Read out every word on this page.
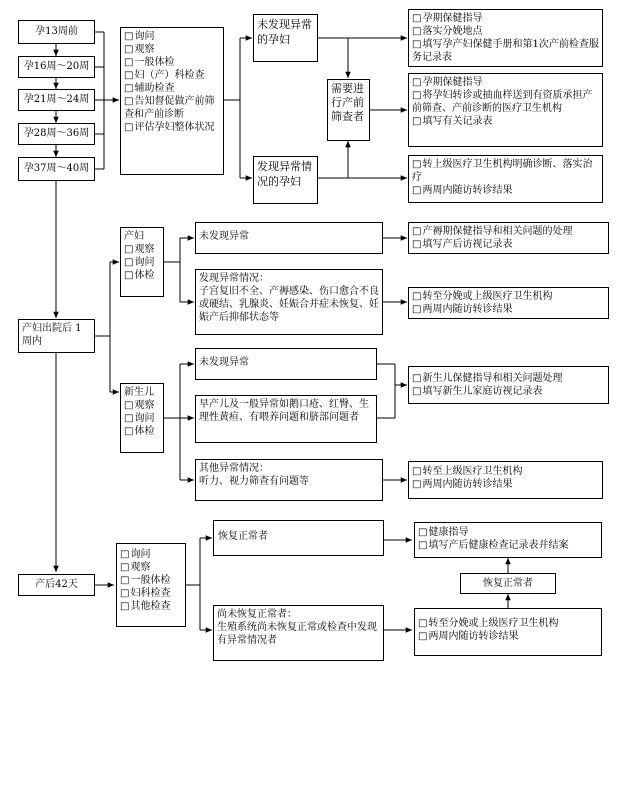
孕13周前
孕16周～20周
孕21周～24周
孕28周～36周
孕37周～40周
□ 询问
□ 观察
□ 一般体检
□ 妇（产）科检查
□ 辅助检查
□ 告知督促做产前筛查和产前诊断
□ 评估孕妇整体状况
未发现异常的孕妇
发现异常情况的孕妇
需要进行产前筛查者
□ 孕期保健指导
□ 落实分娩地点
□ 填写孕产妇保健手册和第1次产前检查服务记录表
□ 孕期保健指导
□ 将孕妇转诊或抽血样送到有资质承担产前筛查、产前诊断的医疗卫生机构
□ 填写有关记录表
□ 转上级医疗卫生机构明确诊断、落实治疗
□ 两周内随访转诊结果
产妇出院后 1周内
产妇
□ 观察
□ 询问
□ 体检
未发现异常
发现异常情况：
子宫复旧不全、产褥感染、伤口愈合不良或硬结、乳腺炎、妊娠合并症未恢复、妊娠产后抑郁状态等
□ 产褥期保健指导和相关问题的处理
□ 填写产后访视记录表
□ 转至分娩或上级医疗卫生机构
□ 两周内随访转诊结果
新生儿
□ 观察
□ 询问
□ 体检
未发现异常
早产儿及一般异常如鹅口疮、红臀、生理性黄疸、有喂养问题和脐部问题者
其他异常情况：
听力、视力筛查有问题等
□ 新生儿保健指导和相关问题处理
□ 填写新生儿家庭访视记录表
□ 转至上级医疗卫生机构
□ 两周内随访转诊结果
产后42天
□ 询问
□ 观察
□ 一般体检
□ 妇科检查
□ 其他检查
恢复正常者
尚未恢复正常者：
生殖系统尚未恢复正常或检查中发现有异常情况者
□ 健康指导
□ 填写产后健康检查记录表并结案
恢复正常者
□ 转至分娩或上级医疗卫生机构
□ 两周内随访转诊结果
